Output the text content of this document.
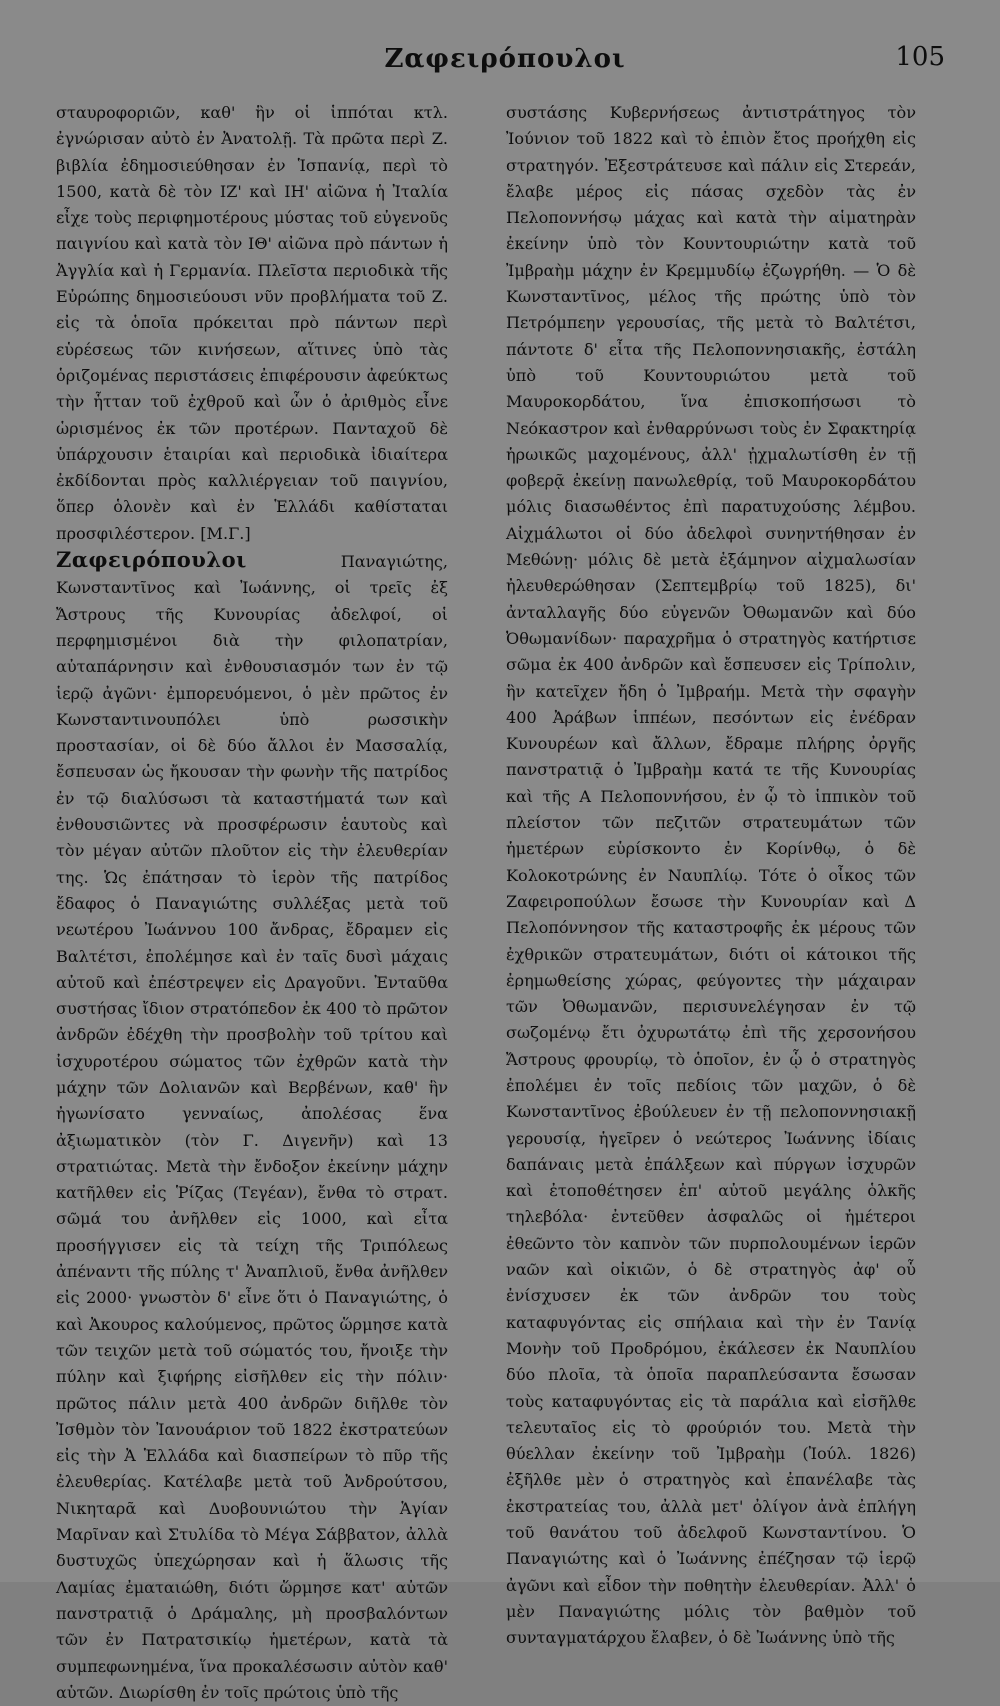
Ζαφειρόπουλοι	105

σταυροφοριῶν, καθ' ἣν οἱ ἱππόται κτλ. ἐγνώρισαν αὐτὸ ἐν Ἀνατολῇ. Τὰ πρῶτα περὶ Ζ. βιβλία ἐδημοσιεύθησαν ἐν Ἱσπανίᾳ, περὶ τὸ 1500, κατὰ δὲ τὸν ΙΖ' καὶ ΙΗ' αἰῶνα ἡ Ἰταλία εἶχε τοὺς περιφημοτέρους μύστας τοῦ εὐγενοῦς παιγνίου καὶ κατὰ τὸν ΙΘ' αἰῶνα πρὸ πάντων ἡ Ἀγγλία καὶ ἡ Γερμανία. Πλεῖστα περιοδικὰ τῆς Εὐρώπης δημοσιεύουσι νῦν προβλήματα τοῦ Ζ. εἰς τὰ ὁποῖα πρόκειται πρὸ πάντων περὶ εὑρέσεως τῶν κινήσεων, αἵτινες ὑπὸ τὰς ὁριζομένας περιστάσεις ἐπιφέρουσιν ἀφεύκτως τὴν ἧτταν τοῦ ἐχθροῦ καὶ ὧν ὁ ἀριθμὸς εἶνε ὡρισμένος ἐκ τῶν προτέρων. Πανταχοῦ δὲ ὑπάρχουσιν ἑταιρίαι καὶ περιοδικὰ ἰδιαίτερα ἐκδίδονται πρὸς καλλιέργειαν τοῦ παιγνίου, ὅπερ ὁλονὲν καὶ ἐν Ἑλλάδι καθίσταται προσφιλέστερον. [Μ.Γ.]

Ζαφειρόπουλοι	Παναγιώτης, Κωνσταντῖνος καὶ Ἰωάννης, οἱ τρεῖς ἐξ Ἄστρους τῆς Κυνουρίας ἀδελφοί, οἱ περφημισμένοι διὰ τὴν φιλοπατρίαν, αὐταπάρνησιν καὶ ἐνθουσιασμόν των ἐν τῷ ἱερῷ ἀγῶνι· ἐμπορευόμενοι, ὁ μὲν πρῶτος ἐν Κωνσταντινουπόλει ὑπὸ ρωσσικὴν προστασίαν, οἱ δὲ δύο ἄλλοι ἐν Μασσαλίᾳ, ἔσπευσαν ὡς ἤκουσαν τὴν φωνὴν τῆς πατρίδος ἐν τῷ διαλύσωσι τὰ καταστήματά των καὶ ἐνθουσιῶντες νὰ προσφέρωσιν ἑαυτοὺς καὶ τὸν μέγαν αὐτῶν πλοῦτον εἰς τὴν ἐλευθερίαν της. Ὡς ἐπάτησαν τὸ ἱερὸν τῆς πατρίδος ἔδαφος ὁ Παναγιώτης συλλέξας μετὰ τοῦ νεωτέρου Ἰωάννου 100 ἄνδρας, ἔδραμεν εἰς Βαλτέτσι, ἐπολέμησε καὶ ἐν ταῖς δυσὶ μάχαις αὐτοῦ καὶ ἐπέστρεψεν εἰς Δραγοῦνι. Ἐνταῦθα συστήσας ἴδιον στρατόπεδον ἐκ 400 τὸ πρῶτον ἀνδρῶν ἐδέχθη τὴν προσβολὴν τοῦ τρίτου καὶ ἰσχυροτέρου σώματος τῶν ἐχθρῶν κατὰ τὴν μάχην τῶν Δολιανῶν καὶ Βερβένων, καθ' ἣν ἠγωνίσατο γενναίως, ἀπολέσας ἕνα ἀξιωματικὸν (τὸν Γ. Διγενῆν) καὶ 13 στρατιώτας. Μετὰ τὴν ἔνδοξον ἐκείνην μάχην κατῆλθεν εἰς Ῥίζας (Τεγέαν), ἔνθα τὸ στρατ. σῶμά του ἀνῆλθεν εἰς 1000, καὶ εἶτα προσήγγισεν εἰς τὰ τείχη τῆς Τριπόλεως ἀπέναντι τῆς πύλης τ' Ἀναπλιοῦ, ἔνθα ἀνῆλθεν εἰς 2000· γνωστὸν δ' εἶνε ὅτι ὁ Παναγιώτης, ὁ καὶ Ἀκουρος καλούμενος, πρῶτος ὥρμησε κατὰ τῶν τειχῶν μετὰ τοῦ σώματός του, ἤνοιξε τὴν πύλην καὶ ξιφήρης εἰσῆλθεν εἰς τὴν πόλιν· πρῶτος πάλιν μετὰ 400 ἀνδρῶν διῆλθε τὸν Ἰσθμὸν τὸν Ἰανουάριον τοῦ 1822 ἐκστρατεύων εἰς τὴν Ἀ Ἑλλάδα καὶ διασπείρων τὸ πῦρ τῆς ἐλευθερίας. Κατέλαβε μετὰ τοῦ Ἀνδρούτσου, Νικηταρᾶ καὶ Δυοβουνιώτου τὴν Ἁγίαν Μαρῖναν καὶ Στυλίδα τὸ Μέγα Σάββατον, ἀλλὰ δυστυχῶς ὑπεχώρησαν καὶ ἡ ἅλωσις τῆς Λαμίας ἐματαιώθη, διότι ὥρμησε κατ' αὐτῶν πανστρατιᾷ ὁ Δράμαλης, μὴ προσβαλόντων τῶν ἐν Πατρατσικίῳ ἡμετέρων, κατὰ τὰ συμπεφωνημένα, ἵνα προκαλέσωσιν αὐτὸν καθ' αὑτῶν. Διωρίσθη ἐν τοῖς πρώτοις ὑπὸ τῆς

συστάσης Κυβερνήσεως ἀντιστράτηγος τὸν Ἰούνιον τοῦ 1822 καὶ τὸ ἐπιὸν ἔτος προήχθη εἰς στρατηγόν. Ἐξεστράτευσε καὶ πάλιν εἰς Στερεάν, ἔλαβε μέρος εἰς πάσας σχεδὸν τὰς ἐν Πελοποννήσῳ μάχας καὶ κατὰ τὴν αἱματηρὰν ἐκείνην ὑπὸ τὸν Κουντουριώτην κατὰ τοῦ Ἰμβραὴμ μάχην ἐν Κρεμμυδίῳ ἐζωγρήθη. — Ὁ δὲ Κωνσταντῖνος, μέλος τῆς πρώτης ὑπὸ τὸν Πετρόμπεην γερουσίας, τῆς μετὰ τὸ Βαλτέτσι, πάντοτε δ' εἶτα τῆς Πελοποννησιακῆς, ἐστάλη ὑπὸ τοῦ Κουντουριώτου μετὰ τοῦ Μαυροκορδάτου, ἵνα ἐπισκοπήσωσι τὸ Νεόκαστρον καὶ ἐνθαρρύνωσι τοὺς ἐν Σφακτηρίᾳ ἡρωικῶς μαχομένους, ἀλλ' ᾐχμαλωτίσθη ἐν τῇ φοβερᾷ ἐκείνῃ πανωλεθρίᾳ, τοῦ Μαυροκορδάτου μόλις διασωθέντος ἐπὶ παρατυχούσης λέμβου. Αἰχμάλωτοι οἱ δύο ἀδελφοὶ συνηντήθησαν ἐν Μεθώνῃ· μόλις δὲ μετὰ ἑξάμηνον αἰχμαλωσίαν ἠλευθερώθησαν (Σεπτεμβρίῳ τοῦ 1825), δι' ἀνταλλαγῆς δύο εὐγενῶν Ὀθωμανῶν καὶ δύο Ὀθωμανίδων· παραχρῆμα ὁ στρατηγὸς κατήρτισε σῶμα ἐκ 400 ἀνδρῶν καὶ ἔσπευσεν εἰς Τρίπολιν, ἣν κατεῖχεν ἤδη ὁ Ἰμβραήμ. Μετὰ τὴν σφαγὴν 400 Ἀράβων ἱππέων, πεσόντων εἰς ἐνέδραν Κυνουρέων καὶ ἄλλων, ἔδραμε πλήρης ὀργῆς πανστρατιᾷ ὁ Ἰμβραὴμ κατά τε τῆς Κυνουρίας καὶ τῆς Α Πελοποννήσου, ἐν ᾧ τὸ ἱππικὸν τοῦ πλείστον τῶν πεζιτῶν στρατευμάτων τῶν ἡμετέρων εὑρίσκοντο ἐν Κορίνθῳ, ὁ δὲ Κολοκοτρώνης ἐν Ναυπλίῳ. Τότε ὁ οἶκος τῶν Ζαφειροπούλων ἔσωσε τὴν Κυνουρίαν καὶ Δ Πελοπόννησον τῆς καταστροφῆς ἐκ μέρους τῶν ἐχθρικῶν στρατευμάτων, διότι οἱ κάτοικοι τῆς ἐρημωθείσης χώρας, φεύγοντες τὴν μάχαιραν τῶν Ὀθωμανῶν, περισυνελέγησαν ἐν τῷ σωζομένῳ ἔτι ὀχυρωτάτῳ ἐπὶ τῆς χερσονήσου Ἄστρους φρουρίῳ, τὸ ὁποῖον, ἐν ᾧ ὁ στρατηγὸς ἐπολέμει ἐν τοῖς πεδίοις τῶν μαχῶν, ὁ δὲ Κωνσταντῖνος ἐβούλευεν ἐν τῇ πελοποννησιακῇ γερουσίᾳ, ἡγεῖρεν ὁ νεώτερος Ἰωάννης ἰδίαις δαπάναις μετὰ ἐπάλξεων καὶ πύργων ἰσχυρῶν καὶ ἐτοποθέτησεν ἐπ' αὐτοῦ μεγάλης ὁλκῆς τηλεβόλα· ἐντεῦθεν ἀσφαλῶς οἱ ἡμέτεροι ἐθεῶντο τὸν καπνὸν τῶν πυρπολουμένων ἱερῶν ναῶν καὶ οἰκιῶν, ὁ δὲ στρατηγὸς ἀφ' οὗ ἐνίσχυσεν ἐκ τῶν ἀνδρῶν του τοὺς καταφυγόντας εἰς σπήλαια καὶ τὴν ἐν Τανίᾳ Μονὴν τοῦ Προδρόμου, ἐκάλεσεν ἐκ Ναυπλίου δύο πλοῖα, τὰ ὁποῖα παραπλεύσαντα ἔσωσαν τοὺς καταφυγόντας εἰς τὰ παράλια καὶ εἰσῆλθε τελευταῖος εἰς τὸ φρούριόν του. Μετὰ τὴν θύελλαν ἐκείνην τοῦ Ἰμβραὴμ (Ἰούλ. 1826) ἐξῆλθε μὲν ὁ στρατηγὸς καὶ ἐπανέλαβε τὰς ἐκστρατείας του, ἀλλὰ μετ' ὀλίγον ἀνὰ ἐπλήγη τοῦ θανάτου τοῦ ἀδελφοῦ Κωνσταντίνου. Ὁ Παναγιώτης καὶ ὁ Ἰωάννης ἐπέζησαν τῷ ἱερῷ ἀγῶνι καὶ εἶδον τὴν ποθητὴν ἐλευθερίαν. Ἀλλ' ὁ μὲν Παναγιώτης μόλις τὸν βαθμὸν τοῦ συνταγματάρχου ἔλαβεν, ὁ δὲ Ἰωάννης ὑπὸ τῆς
